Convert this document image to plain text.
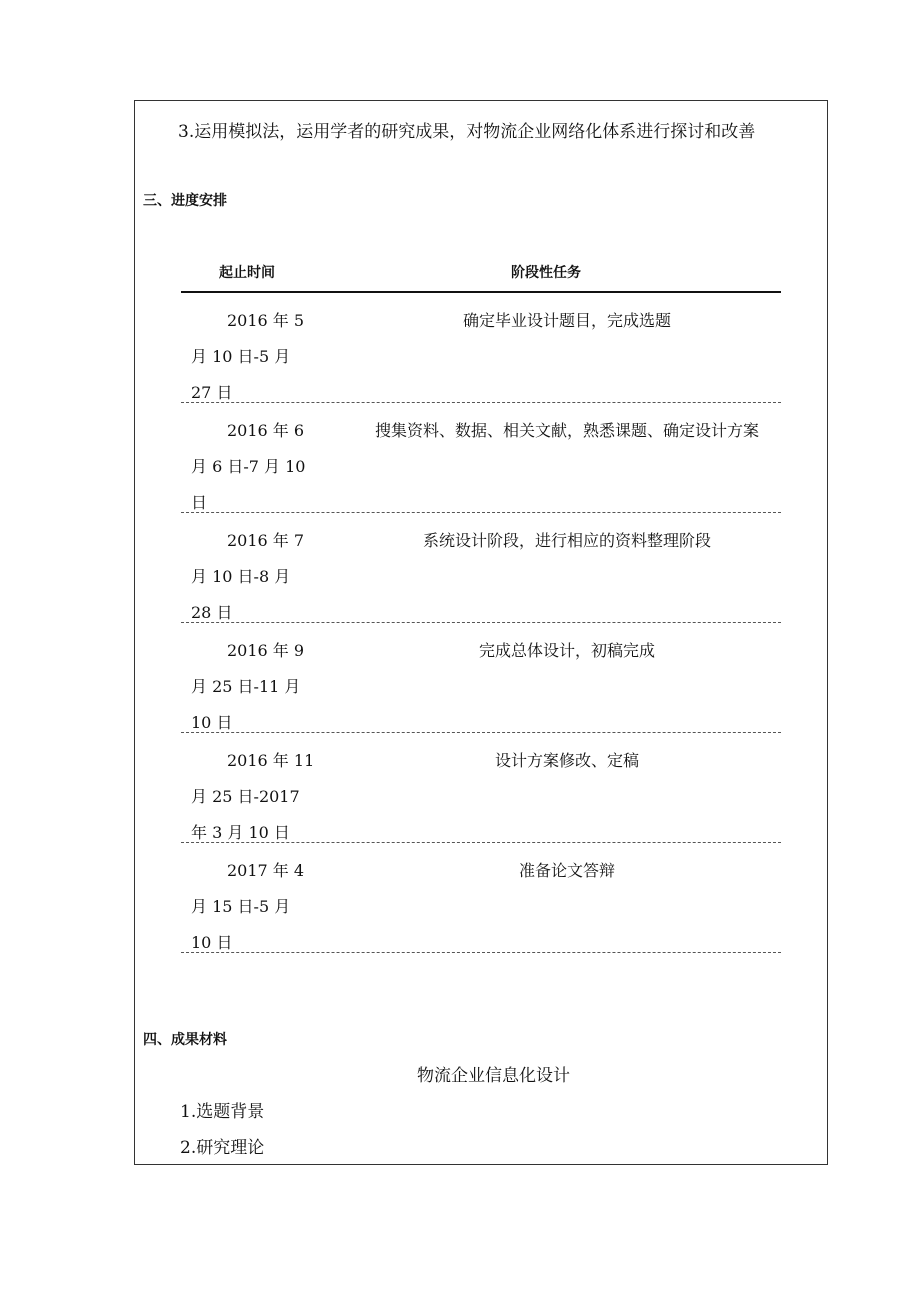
3.运用模拟法，运用学者的研究成果，对物流企业网络化体系进行探讨和改善
三、进度安排
起止时间	阶段性任务
2016 年 5
月 10 日-5 月
27 日
确定毕业设计题目，完成选题
2016 年 6
月 6 日-7 月 10
日
搜集资料、数据、相关文献，熟悉课题、确定设计方案
2016 年 7
月 10 日-8 月
28 日
系统设计阶段，进行相应的资料整理阶段
2016 年 9
月 25 日-11 月
10 日
完成总体设计，初稿完成
2016 年 11
月 25 日-2017
年 3 月 10 日
设计方案修改、定稿
2017 年 4
月 15 日-5 月
10 日
准备论文答辩
四、成果材料
物流企业信息化设计
1.选题背景
2.研究理论
